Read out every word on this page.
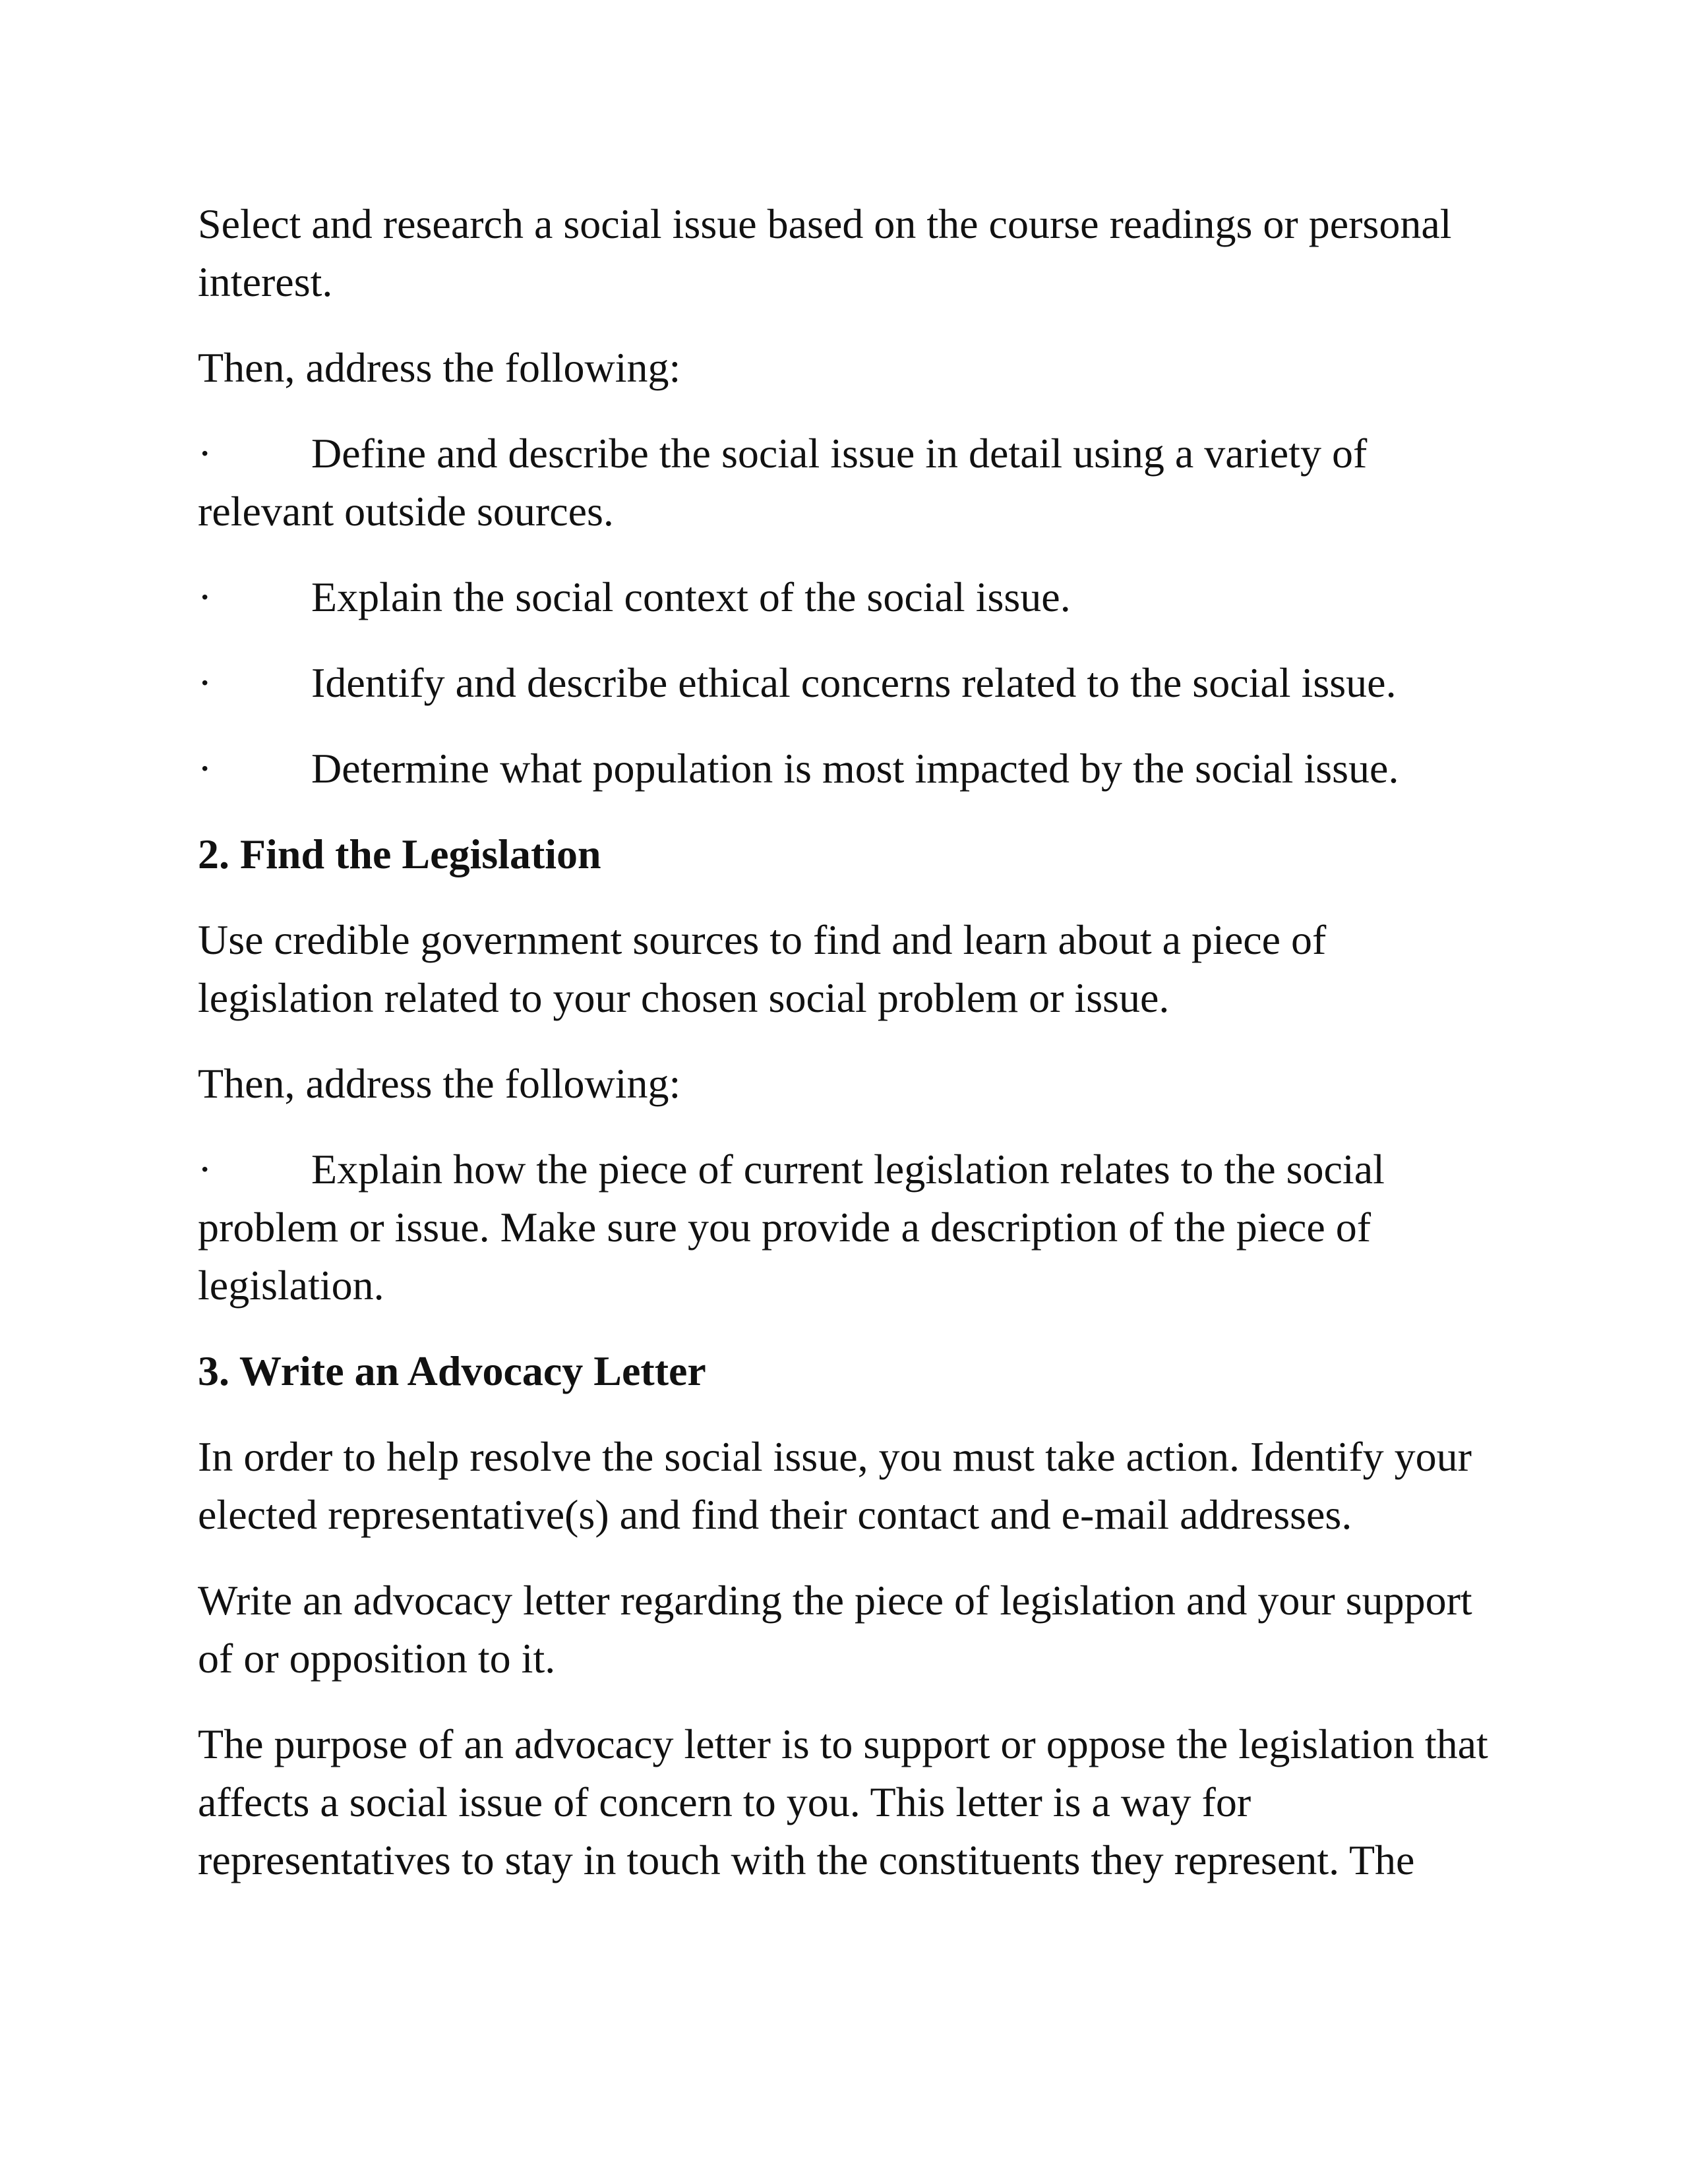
Select and research a social issue based on the course readings or personal interest.

Then, address the following:

· Define and describe the social issue in detail using a variety of relevant outside sources.

· Explain the social context of the social issue.

· Identify and describe ethical concerns related to the social issue.

· Determine what population is most impacted by the social issue.

2. Find the Legislation

Use credible government sources to find and learn about a piece of legislation related to your chosen social problem or issue.

Then, address the following:

· Explain how the piece of current legislation relates to the social problem or issue. Make sure you provide a description of the piece of legislation.

3. Write an Advocacy Letter

In order to help resolve the social issue, you must take action. Identify your elected representative(s) and find their contact and e-mail addresses.

Write an advocacy letter regarding the piece of legislation and your support of or opposition to it.

The purpose of an advocacy letter is to support or oppose the legislation that affects a social issue of concern to you. This letter is a way for representatives to stay in touch with the constituents they represent. The
